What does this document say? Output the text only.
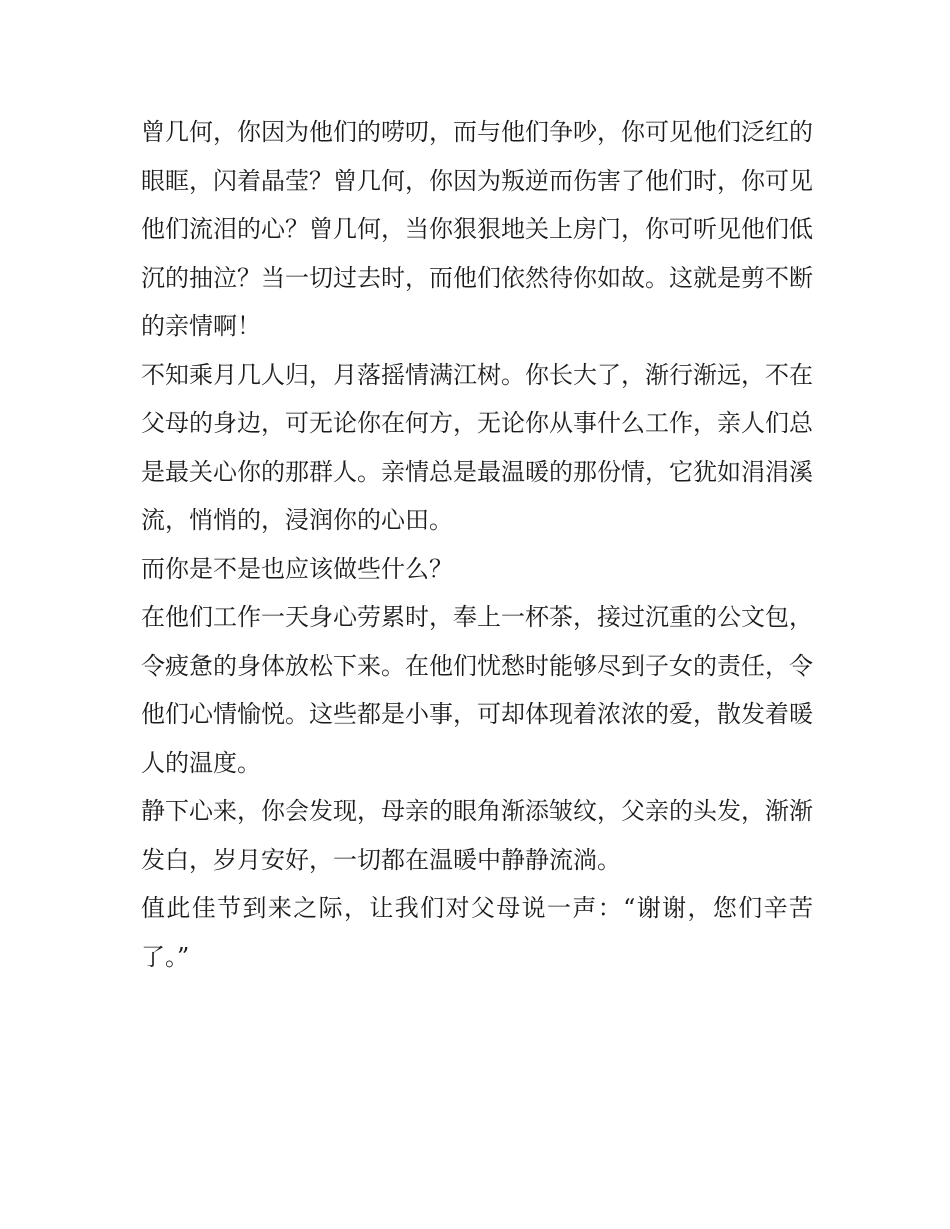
曾几何，你因为他们的唠叨，而与他们争吵，你可见他们泛红的眼眶，闪着晶莹？曾几何，你因为叛逆而伤害了他们时，你可见他们流泪的心？曾几何，当你狠狠地关上房门，你可听见他们低沉的抽泣？当一切过去时，而他们依然待你如故。这就是剪不断的亲情啊！

不知乘月几人归，月落摇情满江树。你长大了，渐行渐远，不在父母的身边，可无论你在何方，无论你从事什么工作，亲人们总是最关心你的那群人。亲情总是最温暖的那份情，它犹如涓涓溪流，悄悄的，浸润你的心田。

而你是不是也应该做些什么？

在他们工作一天身心劳累时，奉上一杯茶，接过沉重的公文包，令疲惫的身体放松下来。在他们忧愁时能够尽到子女的责任，令他们心情愉悦。这些都是小事，可却体现着浓浓的爱，散发着暖人的温度。

静下心来，你会发现，母亲的眼角渐添皱纹，父亲的头发，渐渐发白，岁月安好，一切都在温暖中静静流淌。

值此佳节到来之际，让我们对父母说一声：“谢谢，您们辛苦了。”
